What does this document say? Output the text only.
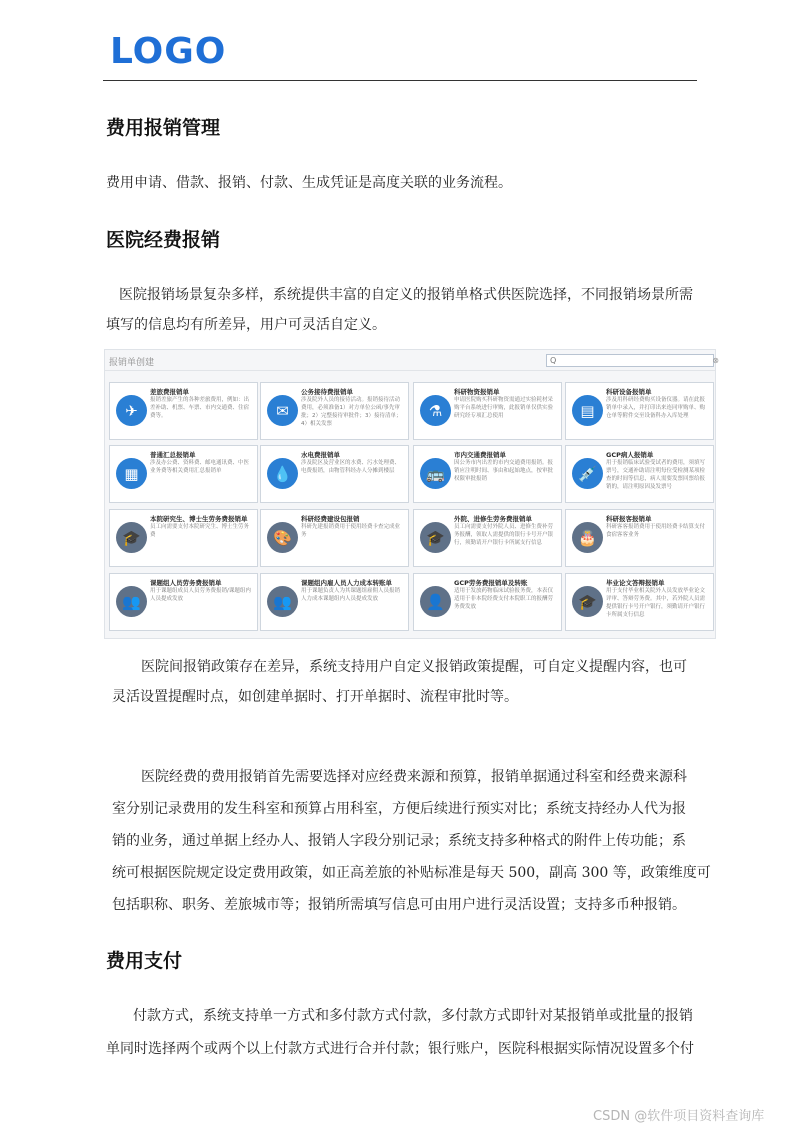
LOGO
费用报销管理
费用申请、借款、报销、付款、生成凭证是高度关联的业务流程。
医院经费报销
医院报销场景复杂多样，系统提供丰富的自定义的报销单格式供医院选择，不同报销场景所需
填写的信息均有所差异，用户可灵活自定义。
报销单创建	Q	⊗
✈
差旅费报销单
报销差旅产生的各种差旅费用，例如：出差补助、机票、车票、市内交通费、住宿费等。	✉
公务接待费报销单
涉及院外人员的接待活动。报销接待活动费用，必须准备1）对方单位公函/事先审批；2）完整接待审批件；3）接待清单；4）相关发票
⚗
科研物资报销单
申请医院购买科研物资需通过实验耗材采购平台系统进行审购，此报销单仅供实验研究经专项汇总使用	▤
科研设备报销单
涉及用科研经费购买设备仪器。请在此报销单中录入，并打印出来连同审购单、购仓单等附件交至设备科办入库处理
▦
普通汇总报销单
涉及办公费、资料费、邮电通讯费、中医业务费等相关费用汇总报销单	💧
水电费报销单
涉及院区及营业区的水费、污水处理费、电费报销，由物管科经办人分摊到楼层	🚌
市内交通费报销单
因公务市内出差的市内交通费用报销。报销应注明时间、事由和起始地点，按审批权限审批报销	💉
GCP病人报销单
用于报销临床试验受试者的费用，须填写票号，交通补助请注明每位受检测某项检查的时间等信息，病人需要发票回票给报销的，请注明原因及发票号
🎓
本院研究生、博士生劳务费报销单
员工向需要支付本院研究生、博士生劳务费	🎨
科研经费建设包报销
科研先建报销费用于使用经费卡查完成业务	🎓
外院、进修生劳务费报销单
员工向需要支付外院人员、进修生费补劳务报酬，领取人需提供的银行卡号开户银行，须勤请开户银行卡所属支行信息	🎂
科研报客报销单
科研客客报销费用于使用经费卡结算支付食宿客客业务
👥
课题组人员劳务费报销单
用于课题组成员人员劳务费报销/课题组内人员提成发放	👥
课题组内雇人员人力成本转账单
用于课题负责人为其课题组雇佣人员报销人力成本课题组内人员提成发放	👤
GCP劳务费报销单及转账
适用于发放药物临床试验报务费，本表仅适用于非本院经费支付本院职工的报酬劳务费发放	🎓
毕业论文答辩报销单
用于支付毕业相关院外人员发放毕业论文评审、答辩劳务费。其中，若外院人员需提供银行卡号开户银行，须勤请开户银行卡所属支行信息
医院间报销政策存在差异，系统支持用户自定义报销政策提醒，可自定义提醒内容，也可
灵活设置提醒时点，如创建单据时、打开单据时、流程审批时等。
医院经费的费用报销首先需要选择对应经费来源和预算，报销单据通过科室和经费来源科
室分别记录费用的发生科室和预算占用科室，方便后续进行预实对比；系统支持经办人代为报
销的业务，通过单据上经办人、报销人字段分别记录；系统支持多种格式的附件上传功能；系
统可根据医院规定设定费用政策，如正高差旅的补贴标准是每天 500，副高 300 等，政策维度可
包括职称、职务、差旅城市等；报销所需填写信息可由用户进行灵活设置；支持多币种报销。
费用支付
付款方式，系统支持单一方式和多付款方式付款，多付款方式即针对某报销单或批量的报销
单同时选择两个或两个以上付款方式进行合并付款；银行账户，医院科根据实际情况设置多个付
CSDN @软件项目资料查询库
